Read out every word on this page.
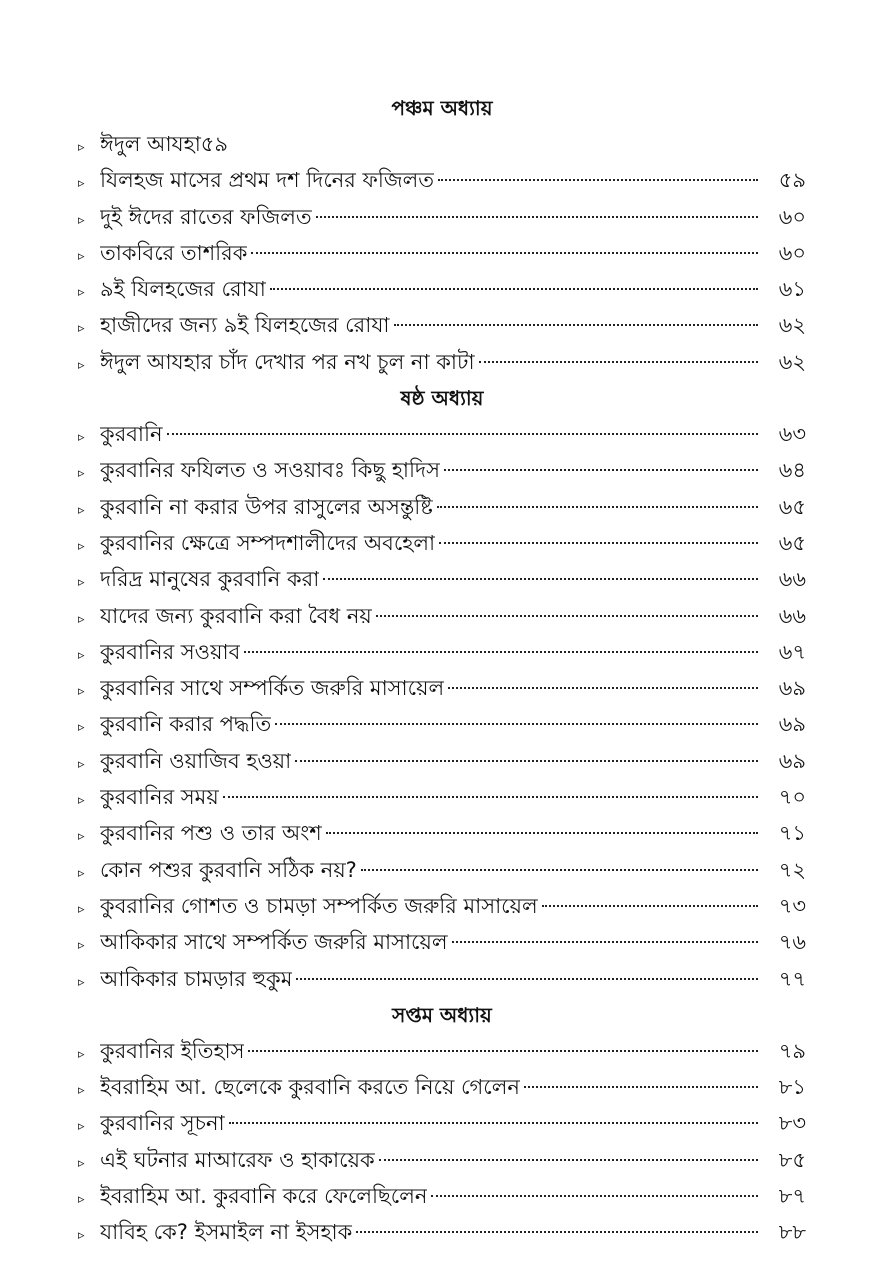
পঞ্চম অধ্যায়
▹ ঈদুল আযহা৫৯
▹ যিলহজ মাসের প্রথম দশ দিনের ফজিলত	৫৯
▹ দুই ঈদের রাতের ফজিলত	৬০
▹ তাকবিরে তাশরিক	৬০
▹ ৯ই যিলহজের রোযা	৬১
▹ হাজীদের জন্য ৯ই যিলহজের রোযা	৬২
▹ ঈদুল আযহার চাঁদ দেখার পর নখ চুল না কাটা	৬২
ষষ্ঠ অধ্যায়
▹ কুরবানি	৬৩
▹ কুরবানির ফযিলত ও সওয়াবঃ কিছু হাদিস	৬৪
▹ কুরবানি না করার উপর রাসুলের অসন্তুষ্টি	৬৫
▹ কুরবানির ক্ষেত্রে সম্পদশালীদের অবহেলা	৬৫
▹ দরিদ্র মানুষের কুরবানি করা	৬৬
▹ যাদের জন্য কুরবানি করা বৈধ নয়	৬৬
▹ কুরবানির সওয়াব	৬৭
▹ কুরবানির সাথে সম্পর্কিত জরুরি মাসায়েল	৬৯
▹ কুরবানি করার পদ্ধতি	৬৯
▹ কুরবানি ওয়াজিব হওয়া	৬৯
▹ কুরবানির সময়	৭০
▹ কুরবানির পশু ও তার অংশ	৭১
▹ কোন পশুর কুরবানি সঠিক নয়?	৭২
▹ কুবরানির গোশত ও চামড়া সম্পর্কিত জরুরি মাসায়েল	৭৩
▹ আকিকার সাথে সম্পর্কিত জরুরি মাসায়েল	৭৬
▹ আকিকার চামড়ার হুকুম	৭৭
সপ্তম অধ্যায়
▹ কুরবানির ইতিহাস	৭৯
▹ ইবরাহিম আ. ছেলেকে কুরবানি করতে নিয়ে গেলেন	৮১
▹ কুরবানির সূচনা	৮৩
▹ এই ঘটনার মাআরেফ ও হাকায়েক	৮৫
▹ ইবরাহিম আ. কুরবানি করে ফেলেছিলেন	৮৭
▹ যাবিহ কে? ইসমাইল না ইসহাক	৮৮
